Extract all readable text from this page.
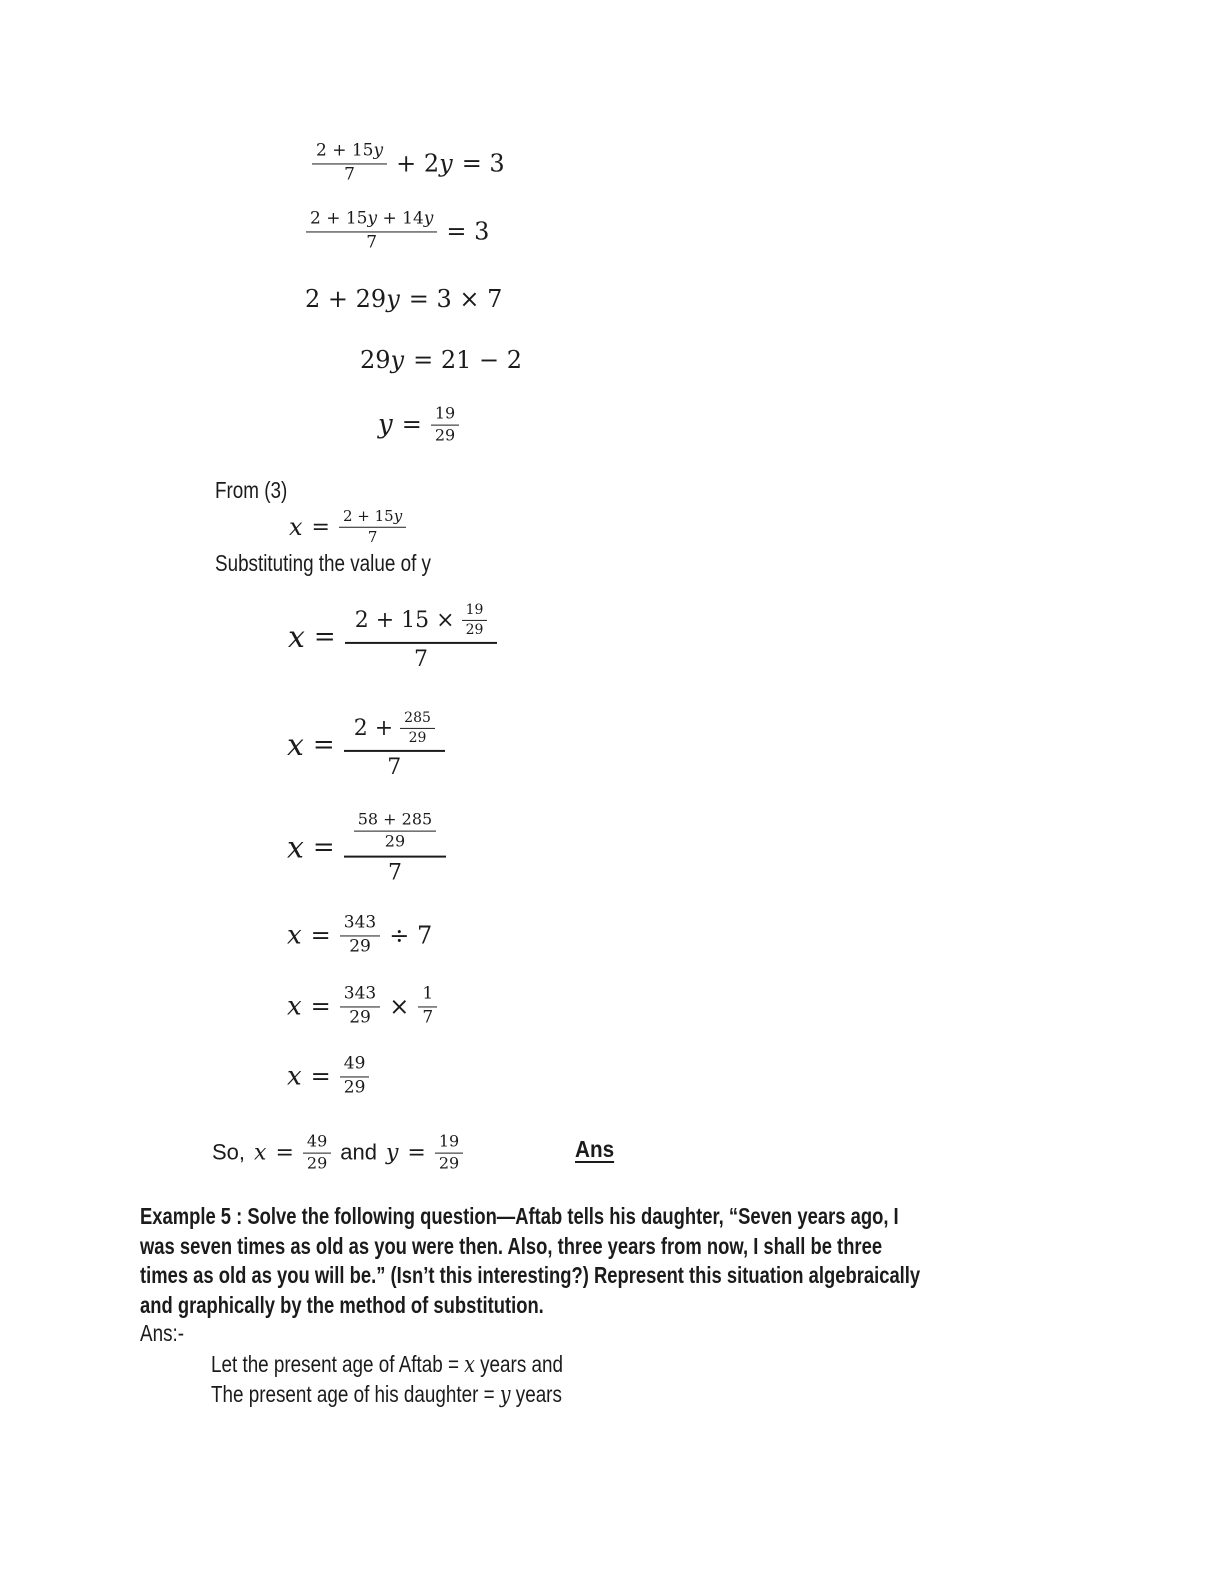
$\frac{2 + 15y}{7} + 2$ y = 3
$\frac{2 + 15y + 14y}{7} = 3$
2 + 29 y = 3 × 7
29 y = 21 − 2
$y = \frac{19}{29}$
From (3)
$x = \frac{2 + 15y}{7}$
Substituting the value of y
x =
$2 + 15 \times \frac{19}{29}$
7
x =
$2 + \frac{285}{29}$
7
$x = \frac{58 + 285}{29}$
7
$x = \frac{343}{29} \div 7$
$x = \frac{343}{29} \times \frac{1}{7}$
$x = \frac{49}{29}$
So, $x = \frac{49}{29}$ and $y = \frac{19}{29}$	Ans
Example 5 : Solve the following question—Aftab tells his daughter, “Seven years ago, I
was seven times as old as you were then. Also, three years from now, I shall be three
times as old as you will be.” (Isn’t this interesting?) Represent this situation algebraically
and graphically by the method of substitution.
Ans:-
Let the present age of Aftab = x years and
The present age of his daughter = y years
